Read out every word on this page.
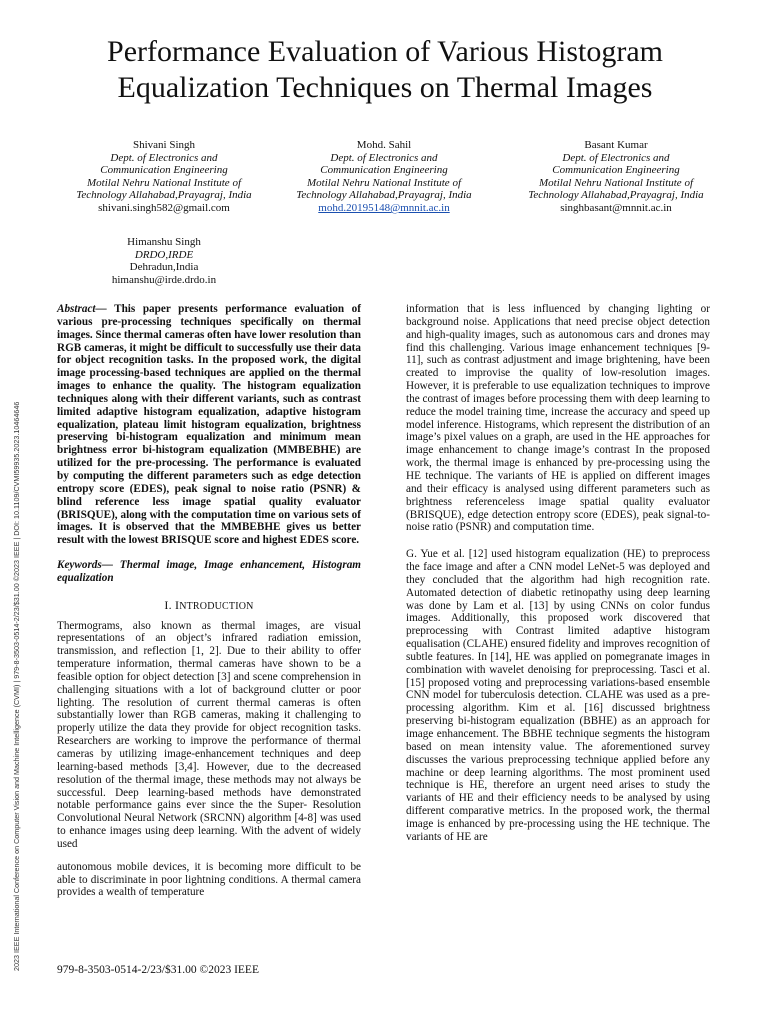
Performance Evaluation of Various Histogram
Equalization Techniques on Thermal Images
Shivani Singh
Dept. of Electronics and
Communication Engineering
Motilal Nehru National Institute of
Technology Allahabad,Prayagraj, India
shivani.singh582@gmail.com
Mohd. Sahil
Dept. of Electronics and
Communication Engineering
Motilal Nehru National Institute of
Technology Allahabad,Prayagraj, India
mohd.20195148@mnnit.ac.in
Basant Kumar
Dept. of Electronics and
Communication Engineering
Motilal Nehru National Institute of
Technology Allahabad,Prayagraj, India
singhbasant@mnnit.ac.in
Himanshu Singh
DRDO,IRDE
Dehradun,India
himanshu@irde.drdo.in
2023 IEEE International Conference on Computer Vision and Machine Intelligence (CVMI) | 979-8-3503-0514-2/23/$31.00 ©2023 IEEE | DOI: 10.1109/CVMI59935.2023.10464646

Abstract— This paper presents performance evaluation of various pre-processing techniques specifically on thermal images. Since thermal cameras often have lower resolution than RGB cameras, it might be difficult to successfully use their data for object recognition tasks. In the proposed work, the digital image processing-based techniques are applied on the thermal images to enhance the quality. The histogram equalization techniques along with their different variants, such as contrast limited adaptive histogram equalization, adaptive histogram equalization, plateau limit histogram equalization, brightness preserving bi-histogram equalization and minimum mean brightness error bi-histogram equalization (MMBEBHE) are utilized for the pre-processing. The performance is evaluated by computing the different parameters such as edge detection entropy score (EDES), peak signal to noise ratio (PSNR) & blind reference less image spatial quality evaluator (BRISQUE), along with the computation time on various sets of images. It is observed that the MMBEBHE gives us better result with the lowest BRISQUE score and highest EDES score.

Keywords— Thermal image, Image enhancement, Histogram equalization

I. INTRODUCTION

Thermograms, also known as thermal images, are visual representations of an object’s infrared radiation emission, transmission, and reflection [1, 2]. Due to their ability to offer temperature information, thermal cameras have shown to be a feasible option for object detection [3] and scene comprehension in challenging situations with a lot of background clutter or poor lighting. The resolution of current thermal cameras is often substantially lower than RGB cameras, making it challenging to properly utilize the data they provide for object recognition tasks. Researchers are working to improve the performance of thermal cameras by utilizing image-enhancement techniques and deep learning-based methods [3,4]. However, due to the decreased resolution of the thermal image, these methods may not always be successful. Deep learning-based methods have demonstrated notable performance gains ever since the the Super- Resolution Convolutional Neural Network (SRCNN) algorithm [4-8] was used to enhance images using deep learning. With the advent of widely used

autonomous mobile devices, it is becoming more difficult to be able to discriminate in poor lightning conditions. A thermal camera provides a wealth of temperature

information that is less influenced by changing lighting or background noise. Applications that need precise object detection and high-quality images, such as autonomous cars and drones may find this challenging. Various image enhancement techniques [9-11], such as contrast adjustment and image brightening, have been created to improvise the quality of low-resolution images. However, it is preferable to use equalization techniques to improve the contrast of images before processing them with deep learning to reduce the model training time, increase the accuracy and speed up model inference. Histograms, which represent the distribution of an image’s pixel values on a graph, are used in the HE approaches for image enhancement to change image’s contrast In the proposed work, the thermal image is enhanced by pre-processing using the HE technique. The variants of HE is applied on different images and their efficacy is analysed using different parameters such as brightness referenceless image spatial quality evaluator (BRISQUE), edge detection entropy score (EDES), peak signal-to-noise ratio (PSNR) and computation time.

G. Yue et al. [12] used histogram equalization (HE) to preprocess the face image and after a CNN model LeNet-5 was deployed and they concluded that the algorithm had high recognition rate. Automated detection of diabetic retinopathy using deep learning was done by Lam et al. [13] by using CNNs on color fundus images. Additionally, this proposed work discovered that preprocessing with Contrast limited adaptive histogram equalisation (CLAHE) ensured fidelity and improves recognition of subtle features. In [14], HE was applied on pomegranate images in combination with wavelet denoising for preprocessing. Tasci et al. [15] proposed voting and preprocessing variations-based ensemble CNN model for tuberculosis detection. CLAHE was used as a pre-processing algorithm. Kim et al. [16] discussed brightness preserving bi-histogram equalization (BBHE) as an approach for image enhancement. The BBHE technique segments the histogram based on mean intensity value. The aforementioned survey discusses the various preprocessing technique applied before any machine or deep learning algorithms. The most prominent used technique is HE, therefore an urgent need arises to study the variants of HE and their efficiency needs to be analysed by using different comparative metrics. In the proposed work, the thermal image is enhanced by pre-processing using the HE technique. The variants of HE are

979-8-3503-0514-2/23/$31.00 ©2023 IEEE
